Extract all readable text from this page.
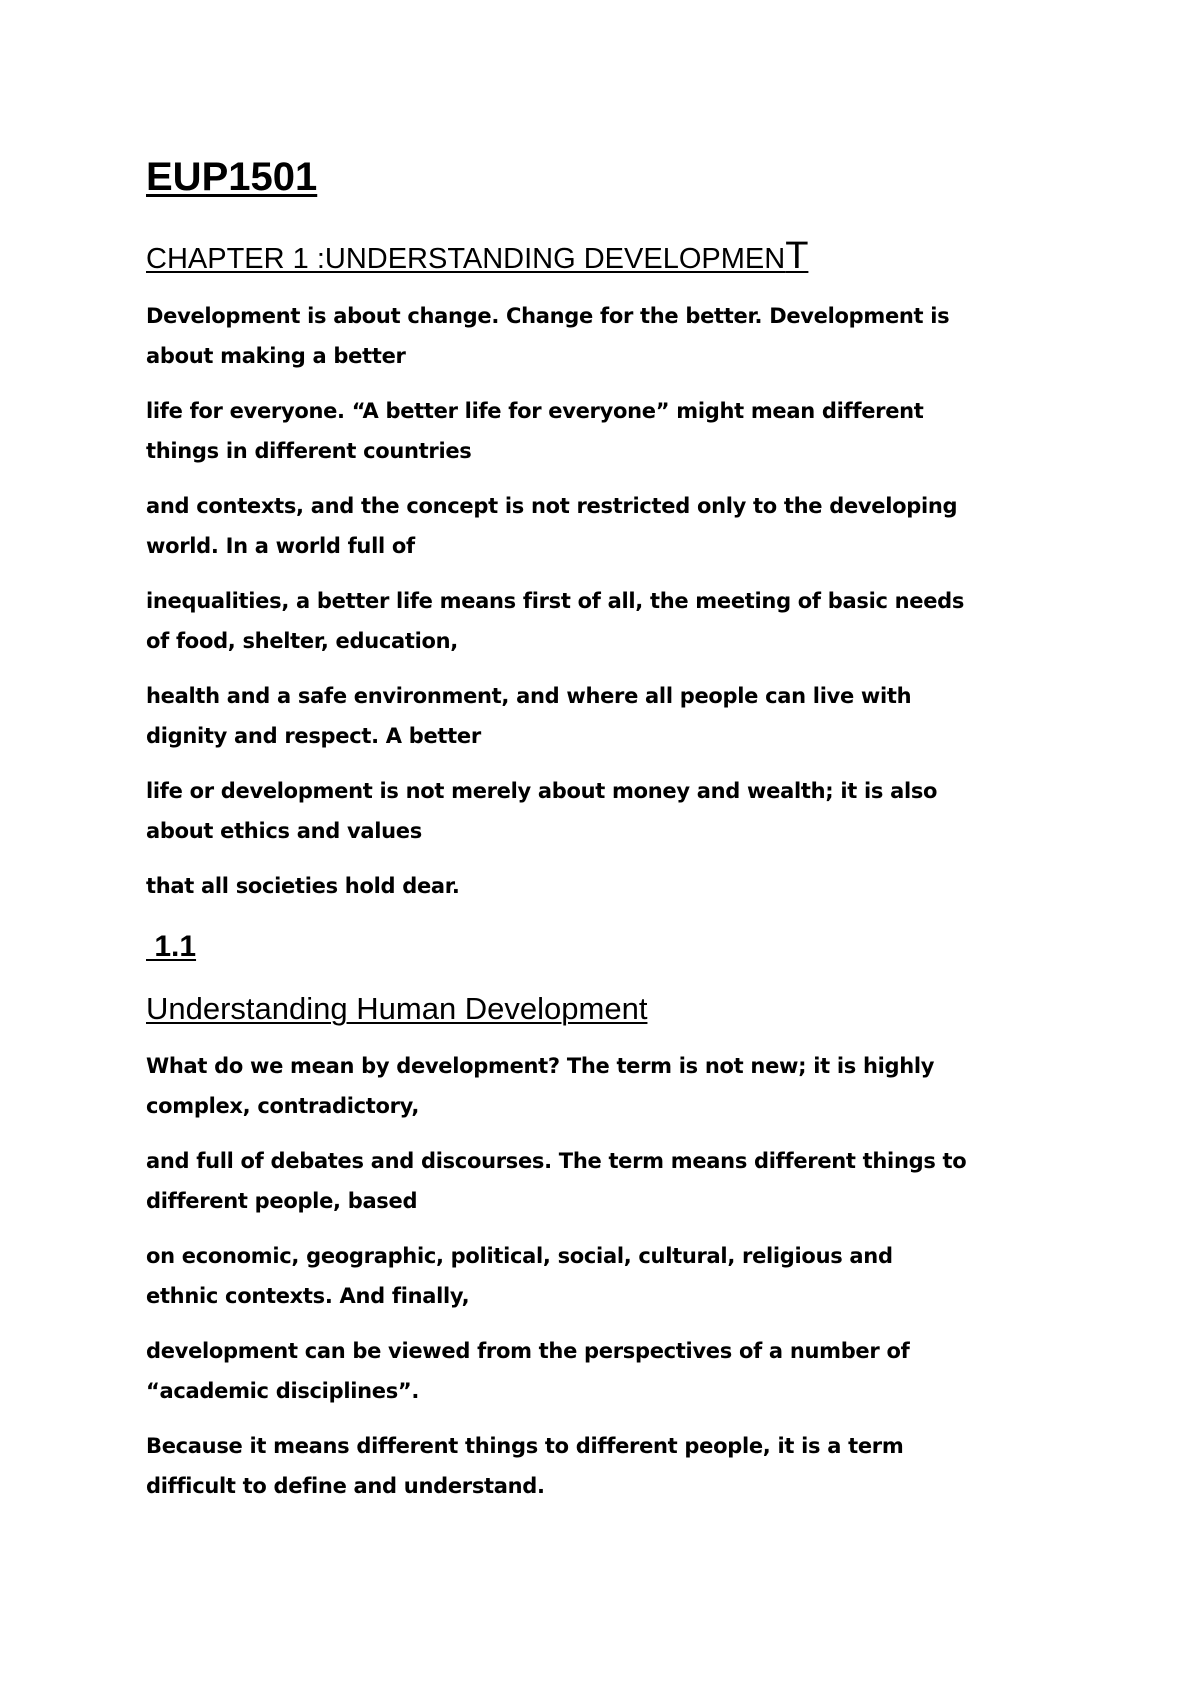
EUP1501
CHAPTER 1 :UNDERSTANDING DEVELOPMENT

Development is about change. Change for the better. Development is
about making a better

life for everyone. “A better life for everyone” might mean different
things in different countries

and contexts, and the concept is not restricted only to the developing
world. In a world full of

inequalities, a better life means first of all, the meeting of basic needs
of food, shelter, education,

health and a safe environment, and where all people can live with
dignity and respect. A better

life or development is not merely about money and wealth; it is also
about ethics and values

that all societies hold dear.

1.1
Understanding Human Development

What do we mean by development? The term is not new; it is highly
complex, contradictory,

and full of debates and discourses. The term means different things to
different people, based

on economic, geographic, political, social, cultural, religious and
ethnic contexts. And finally,

development can be viewed from the perspectives of a number of
“academic disciplines”.

Because it means different things to different people, it is a term
difficult to define and understand.
